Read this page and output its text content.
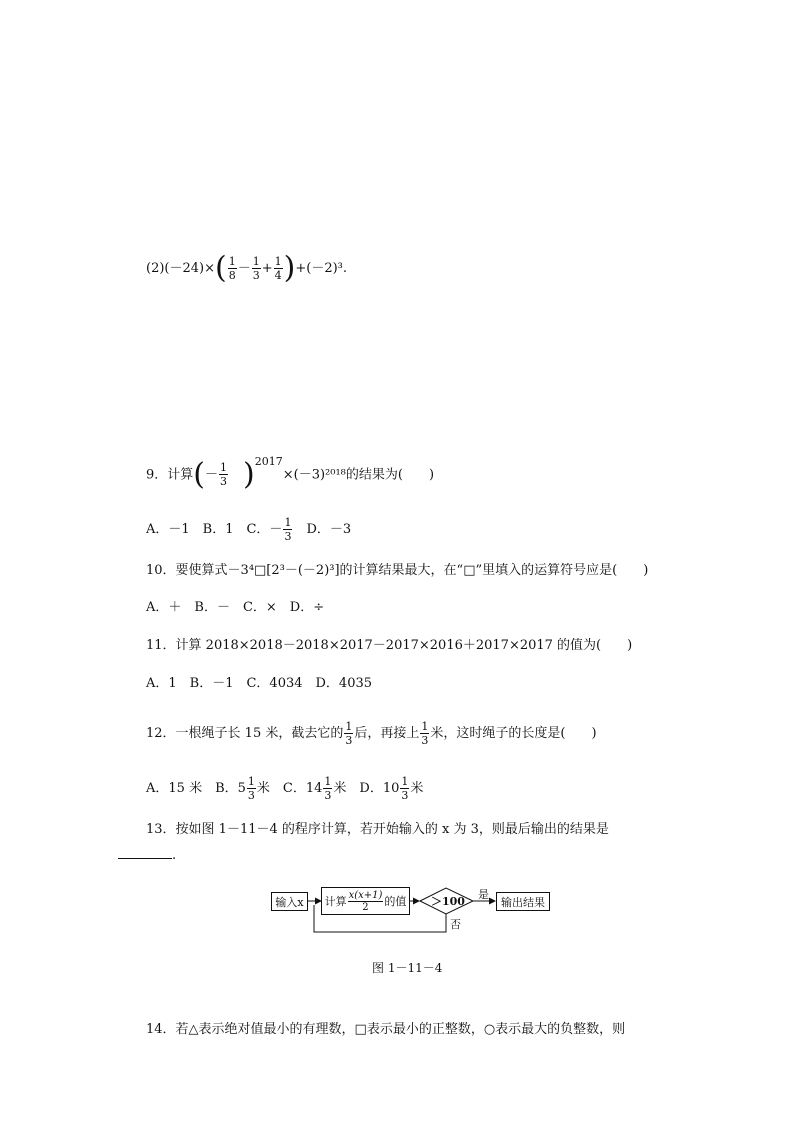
$(2)(-24)\times( \frac{1}{8} - \frac{1}{3} + \frac{1}{4} )+(-2)^3$.
9．计算(－ $\frac{1}{3} )^{2017}\times(-3)^{2018}$的结果为(　　)
A．－1　B．1　C．－ $\frac{1}{3}$ 　D．－3
10．要使算式－3⁴□[2³－(－2)³]的计算结果最大，在“□”里填入的运算符号应是(　　)
A．＋　B．－　C．×　D．÷
11．计算 2018×2018－2018×2017－2017×2016＋2017×2017 的值为(　　)
A．1　B．－1　C．4034　D．4035
12．一根绳子长 15 米，截去它的 $\frac{1}{3}$ 后，再接上 $\frac{1}{3}$ 米，这时绳子的长度是(　　)
A．15 米　B．$5 \frac{1}{3}$ 米　C．$14 \frac{1}{3}$ 米　D．$10 \frac{1}{3}$ 米
13．按如图 1－11－4 的程序计算，若开始输入的 x 为 3，则最后输出的结果是
.
输入x	计算 $\frac{x(x+1)}{2}$ 的值 ＞100
是
否
输出结果
图 1－11－4
14．若△表示绝对值最小的有理数，□表示最小的正整数，○表示最大的负整数，则
